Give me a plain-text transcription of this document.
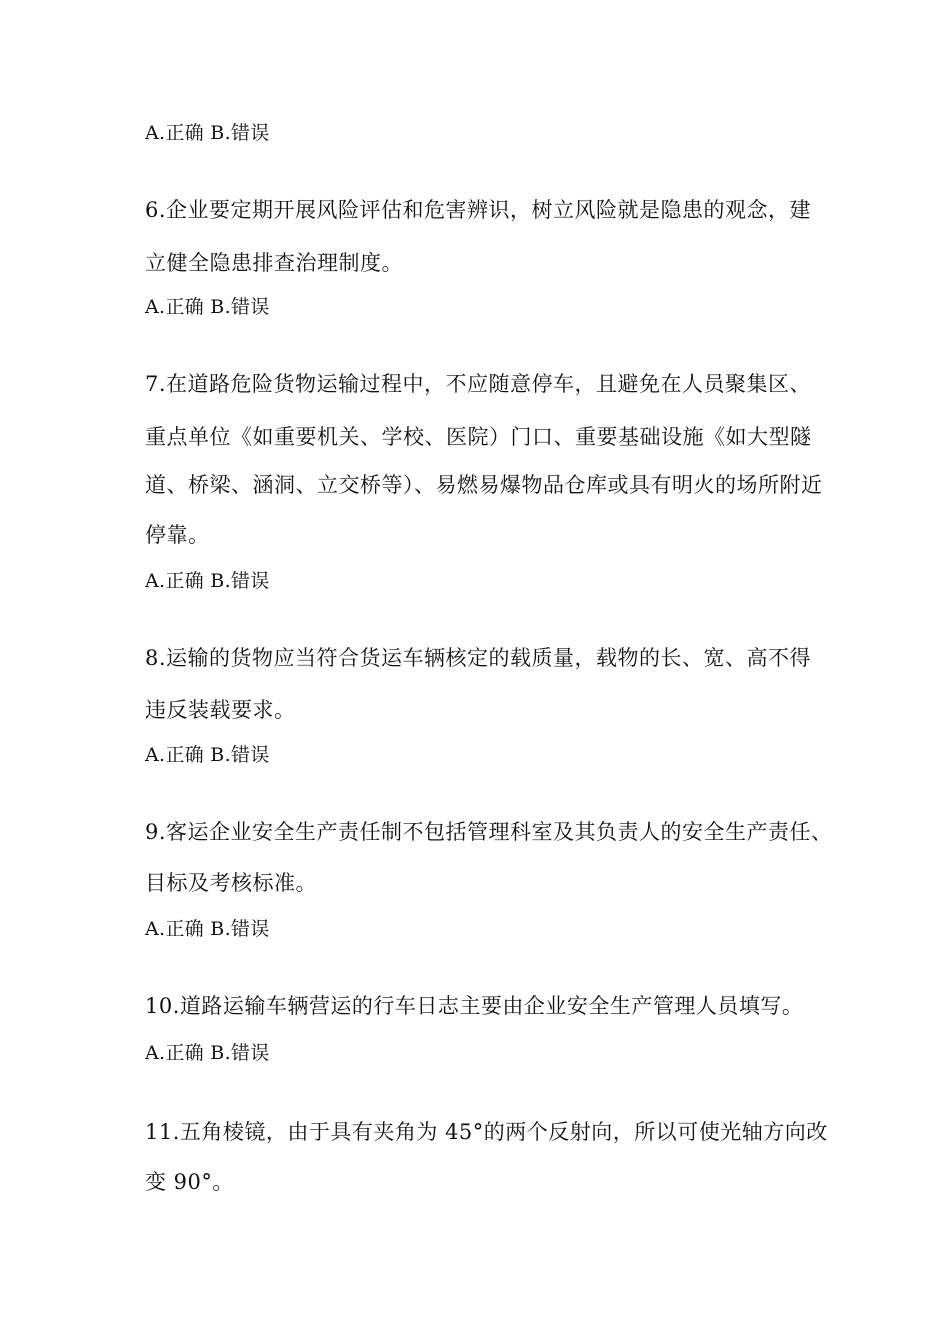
A.正确 B.错误
6.企业要定期开展风险评估和危害辨识，树立风险就是隐患的观念，建
立健全隐患排查治理制度。
A.正确 B.错误
7.在道路危险货物运输过程中，不应随意停车，且避免在人员聚集区、
重点单位《如重要机关、学校、医院）门口、重要基础设施《如大型隧
道、桥梁、涵洞、立交桥等）、易燃易爆物品仓库或具有明火的场所附近
停靠。
A.正确 B.错误
8.运输的货物应当符合货运车辆核定的载质量，载物的长、宽、高不得
违反装载要求。
A.正确 B.错误
9.客运企业安全生产责任制不包括管理科室及其负责人的安全生产责任、
目标及考核标准。
A.正确 B.错误
10.道路运输车辆营运的行车日志主要由企业安全生产管理人员填写。
A.正确 B.错误
11.五角棱镜，由于具有夹角为 45°的两个反射向，所以可使光轴方向改
变 90°。
